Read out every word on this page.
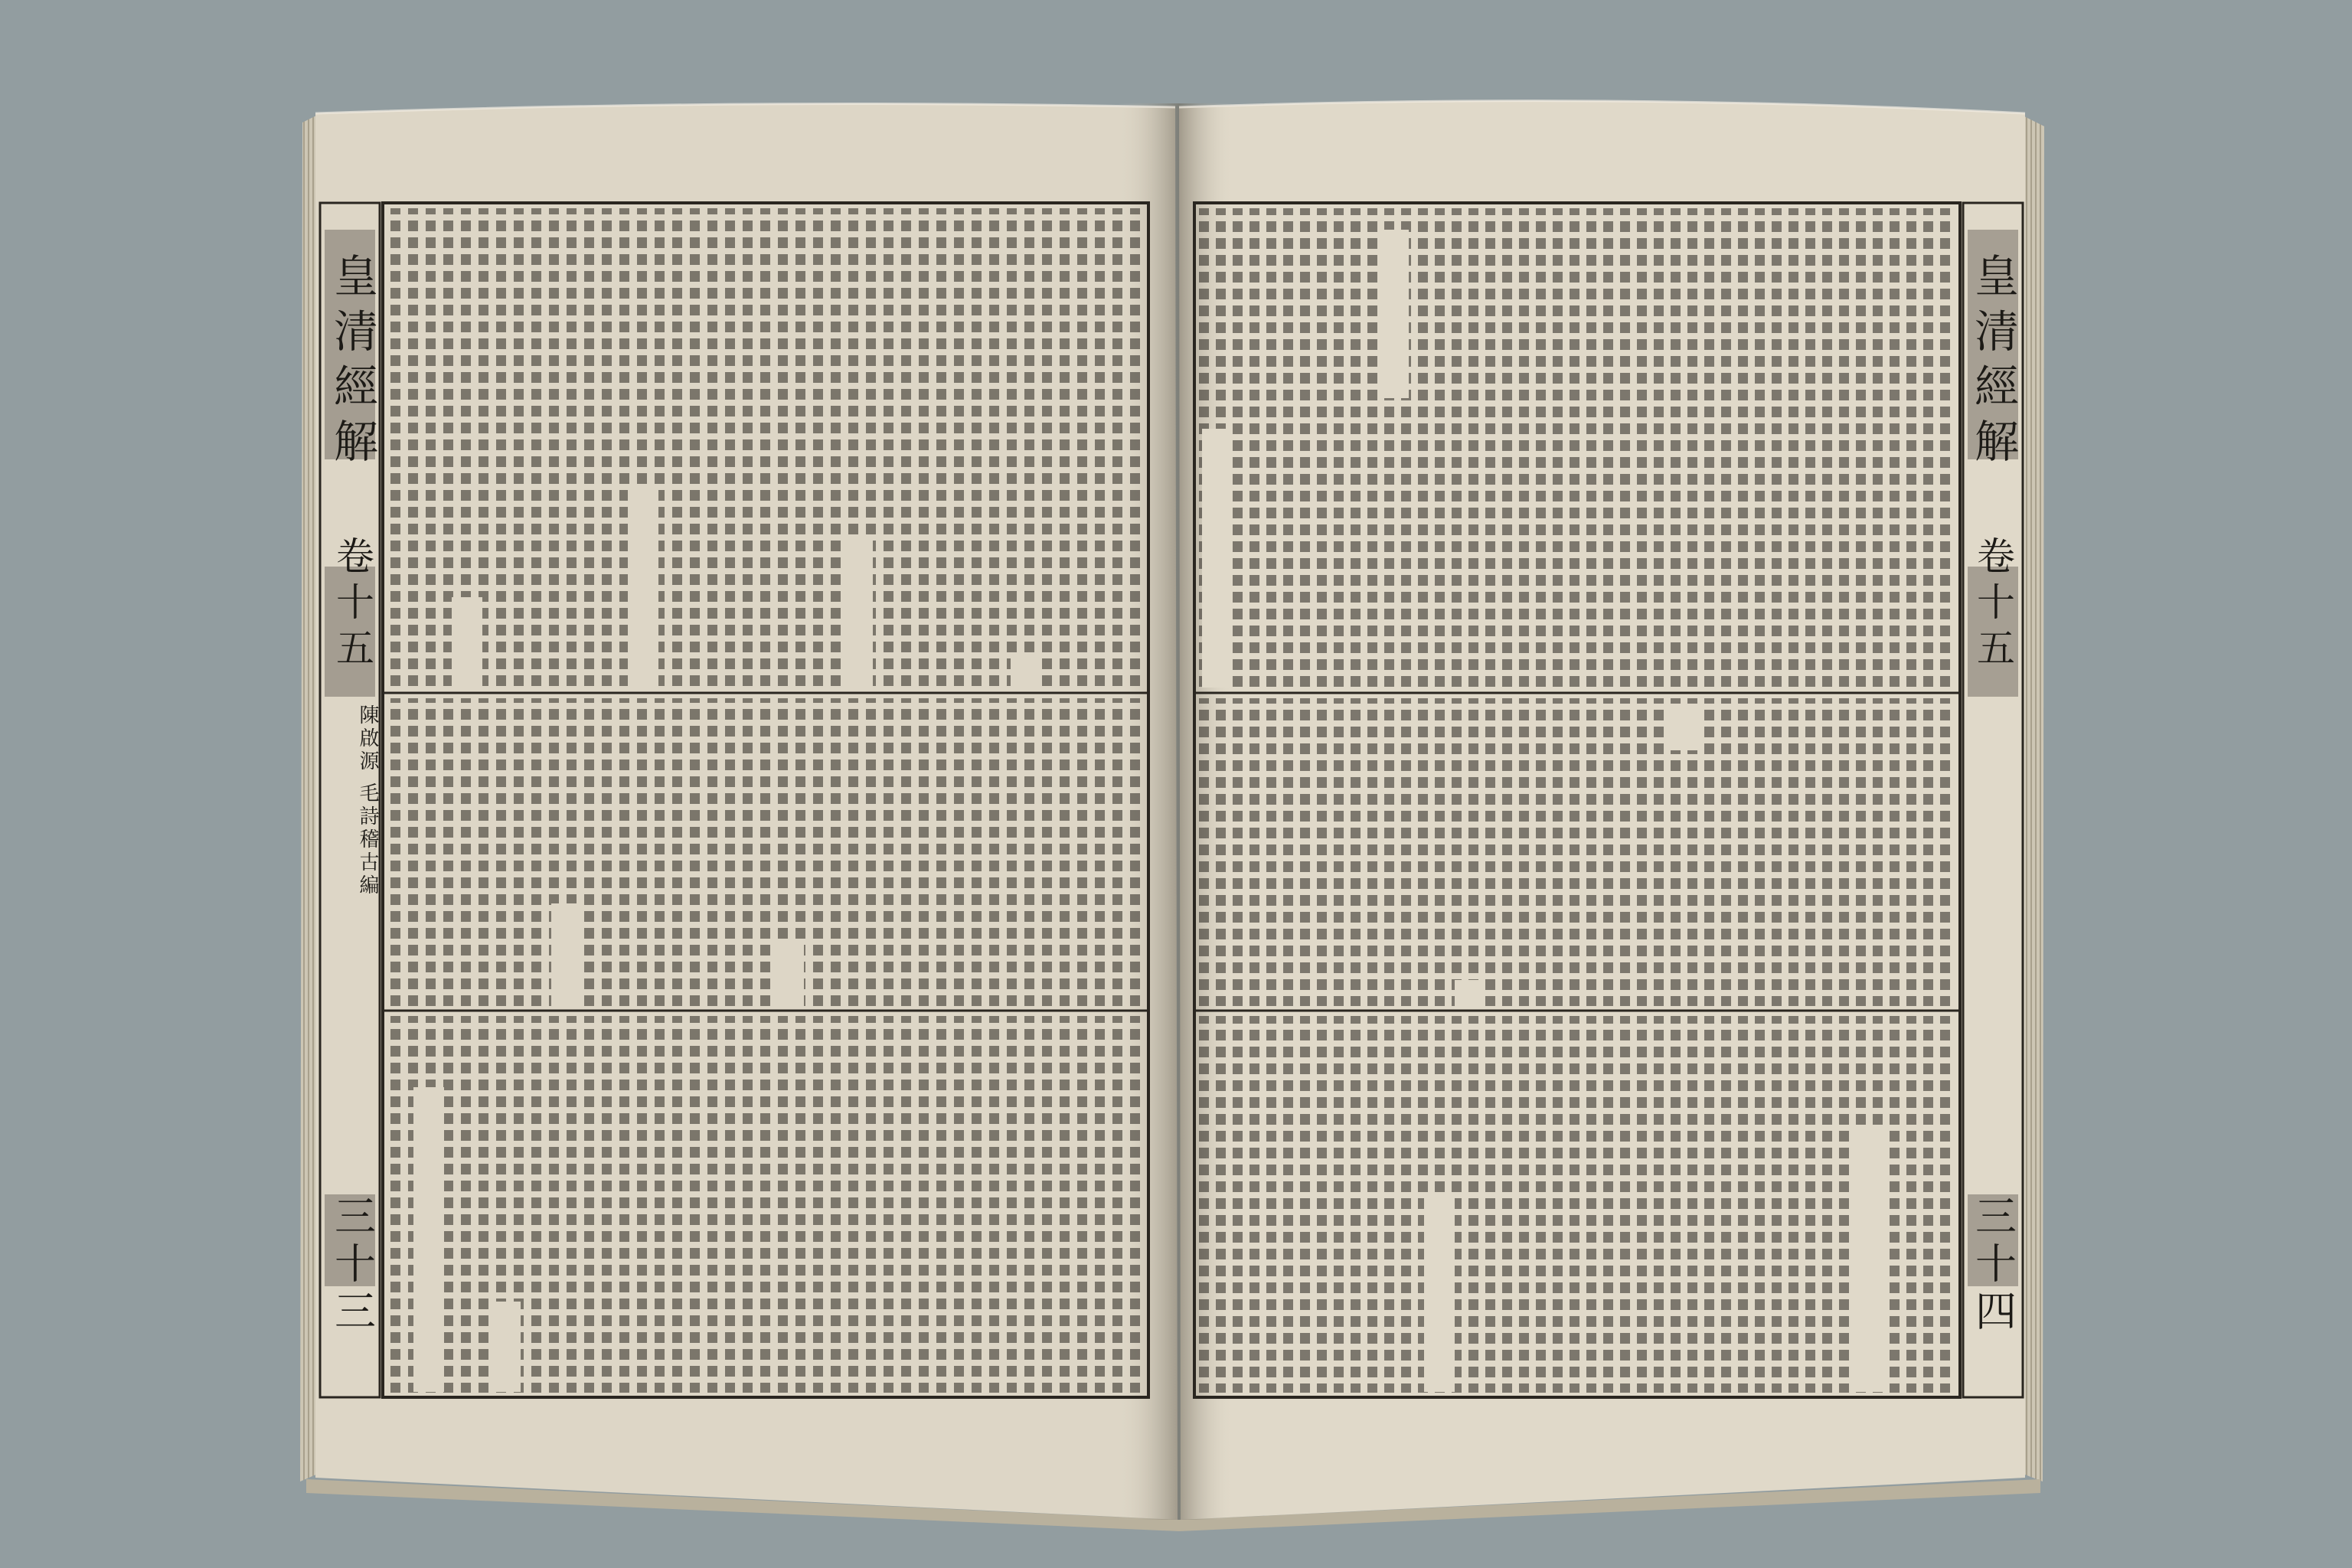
皇清經解
卷十五
陳啟源 毛詩稽古編
三十三
皇清經解
卷十五
三十四
